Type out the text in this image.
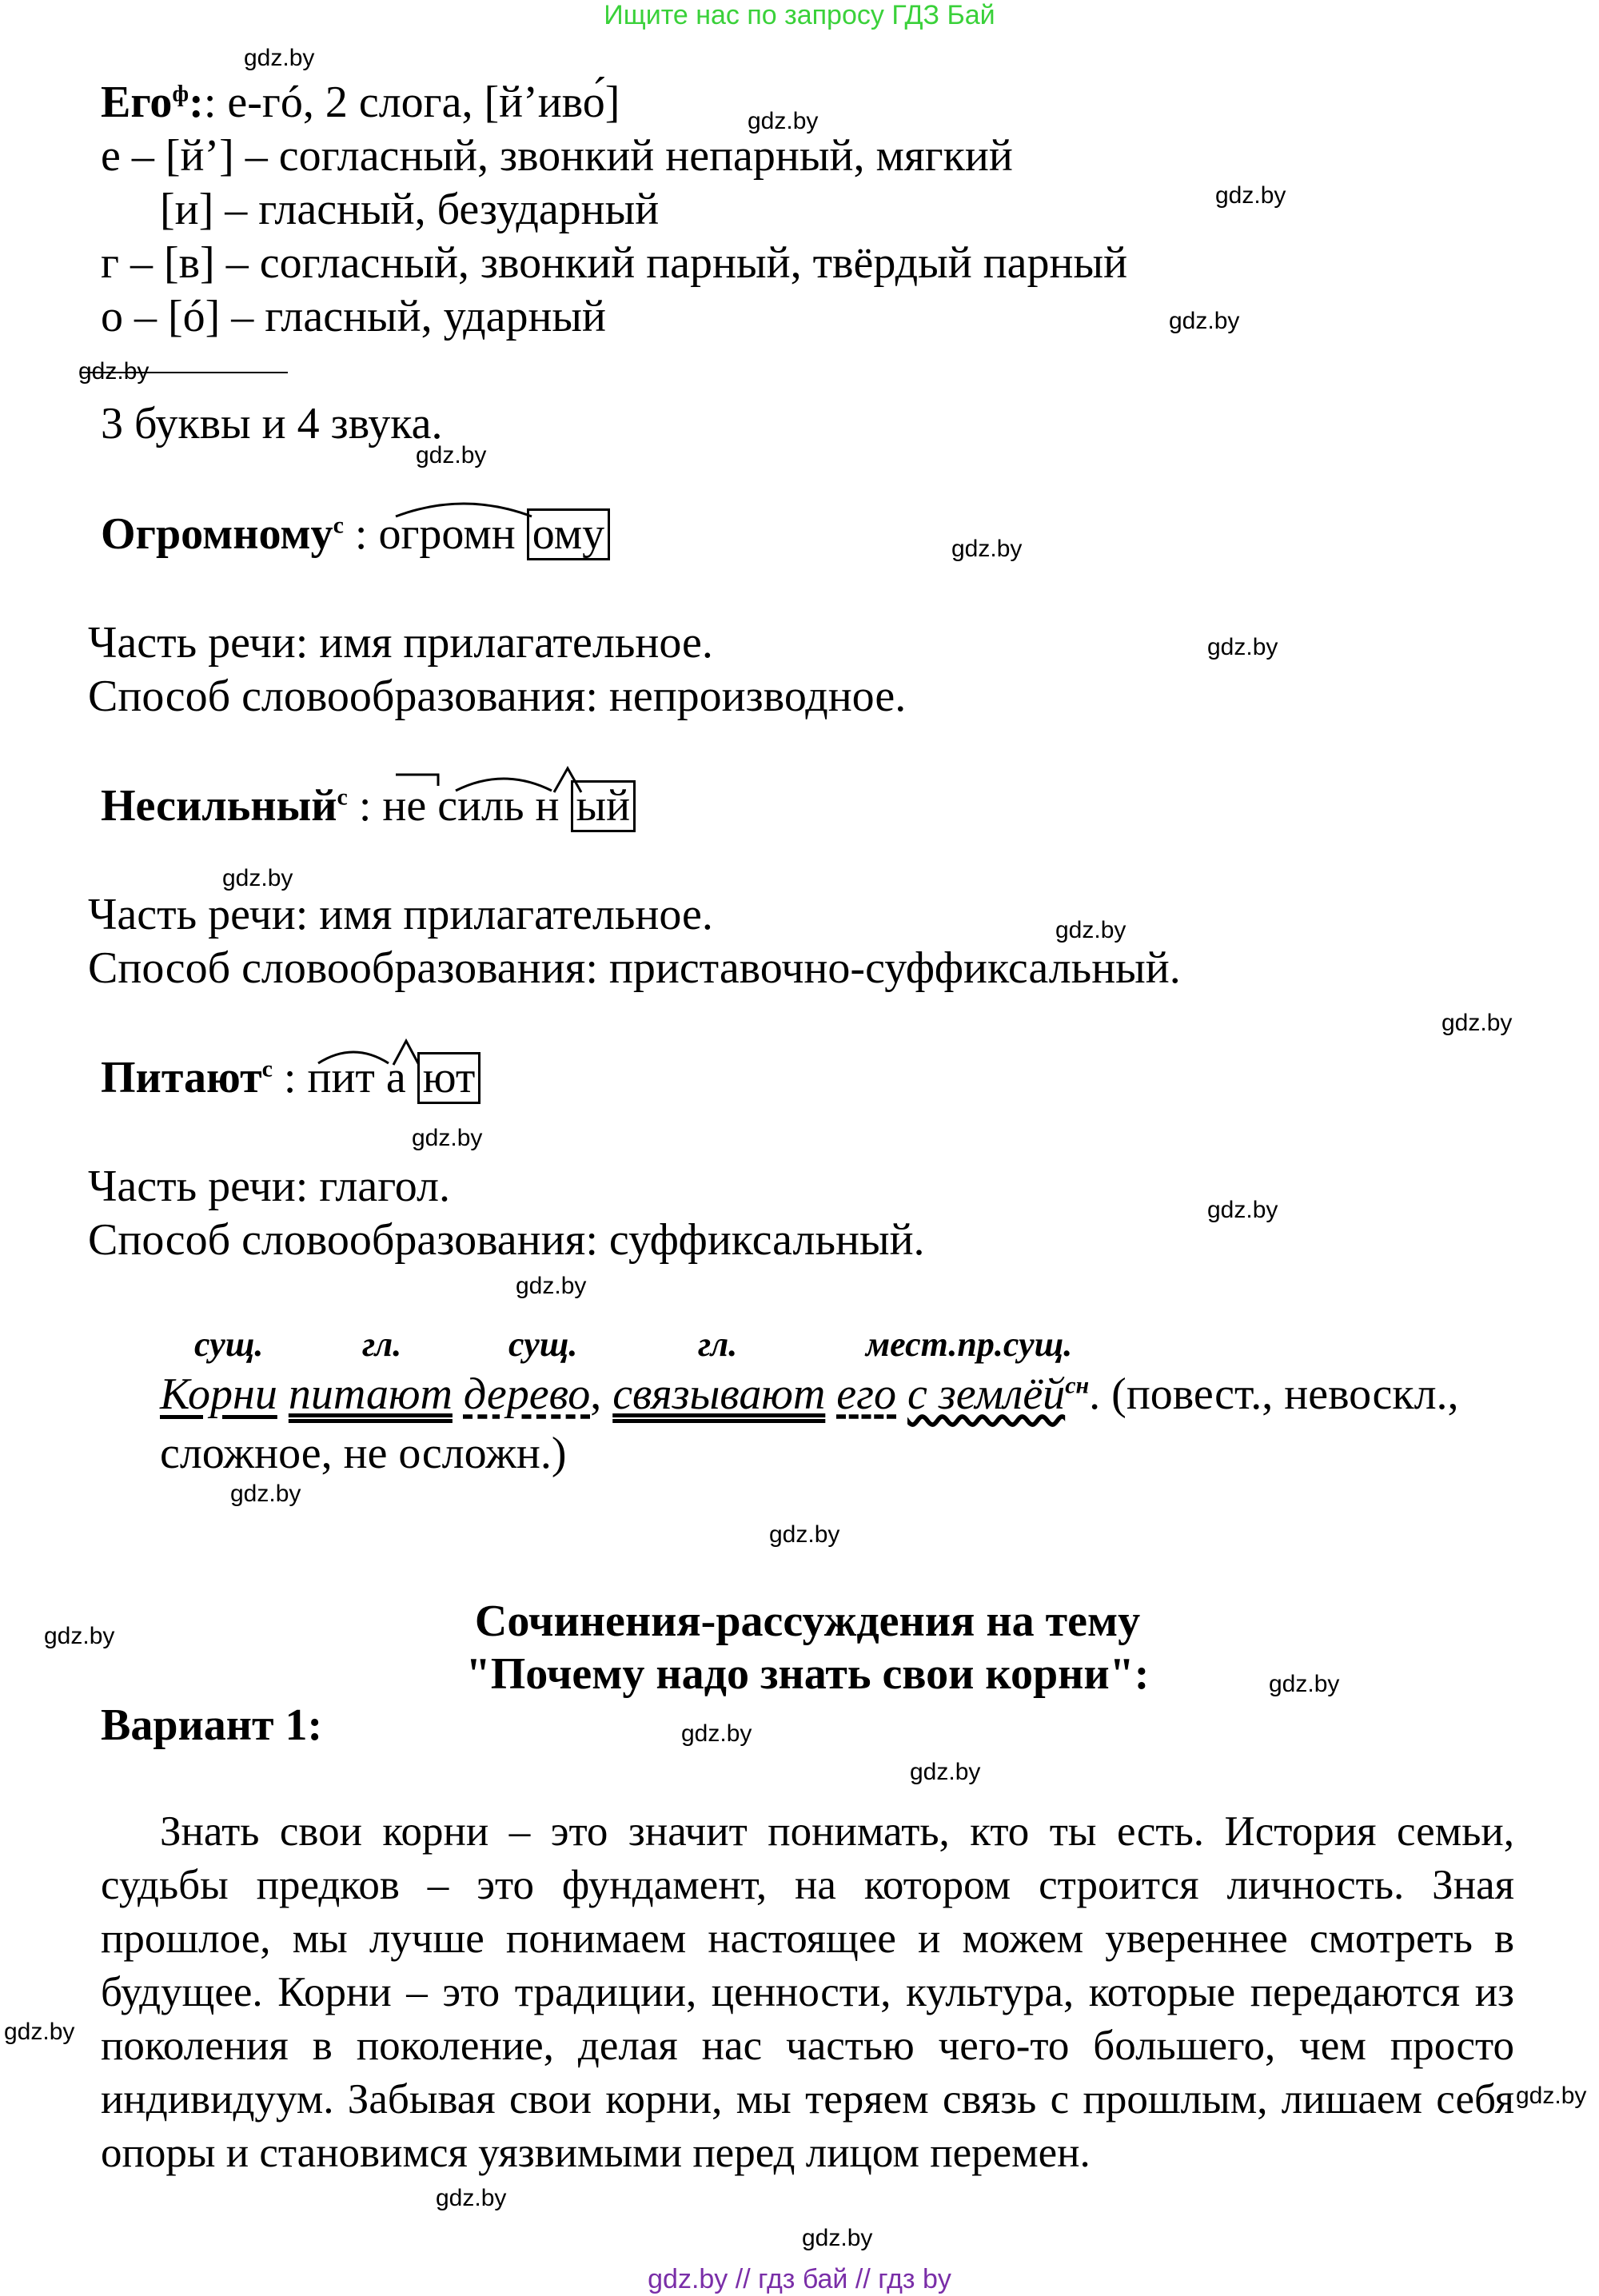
Ищите нас по запросу ГДЗ Бай
Его$^ф$:: е-гó, 2 слога, [й’иво́]
е – [й’] – согласный, звонкий непарный, мягкий
[и] – гласный, безударный
г – [в] – согласный, звонкий парный, твёрдый парный
о – [ó] – гласный, ударный
3 буквы и 4 звука.
Огромному$^с$ : огромн ому
Часть речи: имя прилагательное.
Способ словообразования: непроизводное.
Несильный$^с$ : не силь н ый
Часть речи: имя прилагательное.
Способ словообразования: приставочно-суффиксальный.
Питают$^с$ : пит а ют
Часть речи: глагол.
Способ словообразования: суффиксальный.
сущ.	гл.	сущ.	гл.	мест.пр.сущ.
Корни питают дерево, связывают его с землёй$^{сн}$. (повест., невоскл.,
сложное, не осложн.)
Сочинения-рассуждения на тему
"Почему надо знать свои корни":
Вариант 1:
Знать свои корни – это значит понимать, кто ты есть. История семьи, судьбы предков – это фундамент, на котором строится личность. Зная прошлое, мы лучше понимаем настоящее и можем увереннее смотреть в будущее. Корни – это традиции, ценности, культура, которые передаются из поколения в поколение, делая нас частью чего-то большего, чем просто индивидуум. Забывая свои корни, мы теряем связь с прошлым, лишаем себя опоры и становимся уязвимыми перед лицом перемен.
gdz.by
gdz.by
gdz.by
gdz.by
gdz.by
gdz.by
gdz.by
gdz.by
gdz.by
gdz.by
gdz.by
gdz.by
gdz.by
gdz.by
gdz.by
gdz.by
gdz.by
gdz.by
gdz.by
gdz.by
gdz.by
gdz.by
gdz.by
gdz.by
gdz.by // гдз бай // гдз by
